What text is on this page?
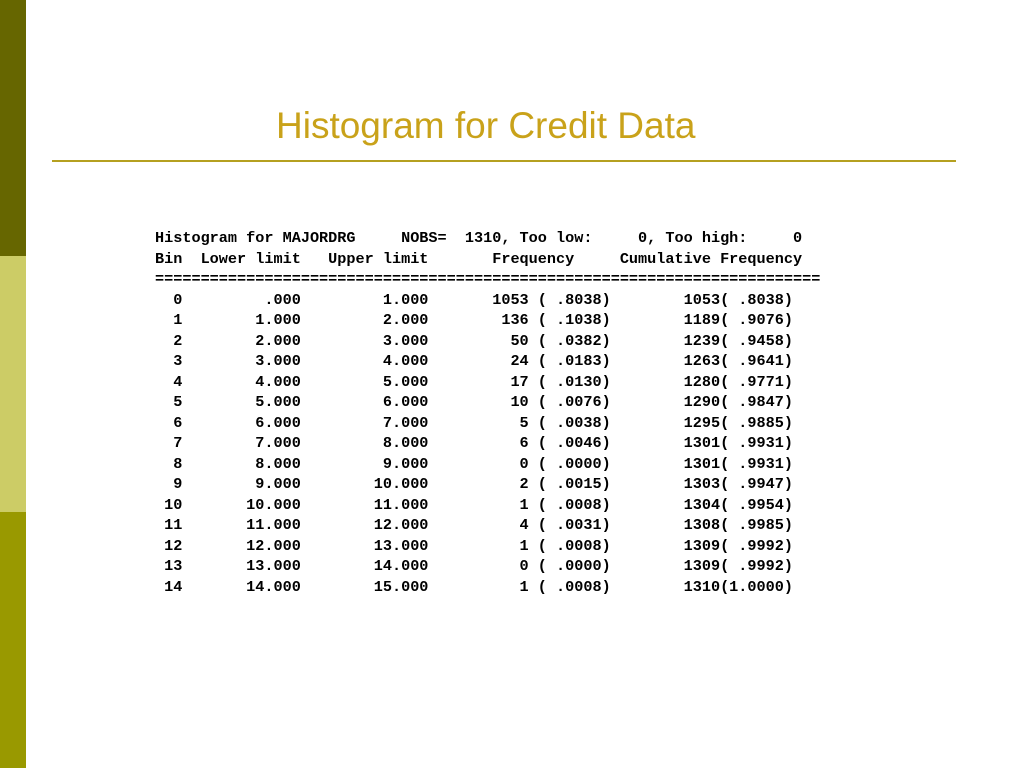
Histogram for Credit Data
Histogram for MAJORDRG     NOBS=  1310, Too low:     0, Too high:     0
Bin  Lower limit   Upper limit       Frequency     Cumulative Frequency
=========================================================================
0         .000         1.000       1053 ( .8038)        1053( .8038)
1        1.000         2.000        136 ( .1038)        1189( .9076)
2        2.000         3.000         50 ( .0382)        1239( .9458)
3        3.000         4.000         24 ( .0183)        1263( .9641)
4        4.000         5.000         17 ( .0130)        1280( .9771)
5        5.000         6.000         10 ( .0076)        1290( .9847)
6        6.000         7.000          5 ( .0038)        1295( .9885)
7        7.000         8.000          6 ( .0046)        1301( .9931)
8        8.000         9.000          0 ( .0000)        1301( .9931)
9        9.000        10.000          2 ( .0015)        1303( .9947)
10       10.000        11.000          1 ( .0008)        1304( .9954)
11       11.000        12.000          4 ( .0031)        1308( .9985)
12       12.000        13.000          1 ( .0008)        1309( .9992)
13       13.000        14.000          0 ( .0000)        1309( .9992)
14       14.000        15.000          1 ( .0008)        1310(1.0000)
